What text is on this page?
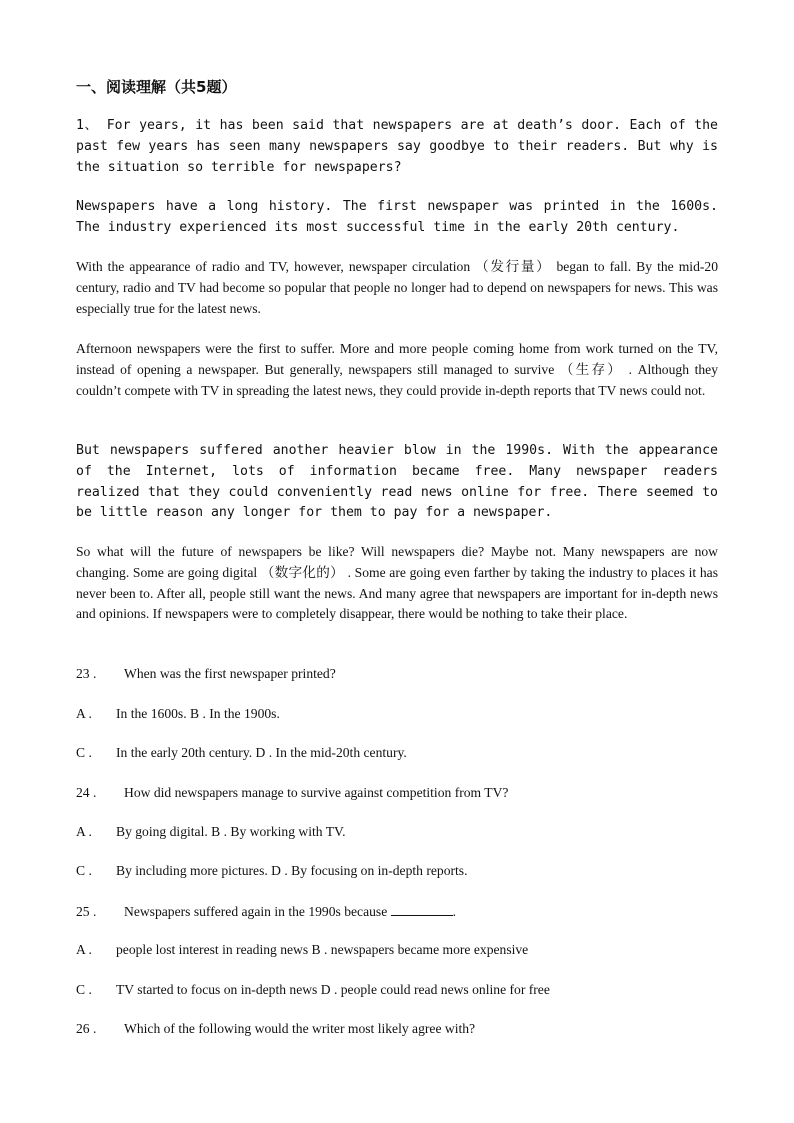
一、阅读理解（共5题）

1、 For years, it has been said that newspapers are at death’s door. Each of the past few years has seen many newspapers say goodbye to their readers. But why is the situation so terrible for newspapers?

Newspapers have a long history. The first newspaper was printed in the 1600s. The industry experienced its most successful time in the early 20th century.

With the appearance of radio and TV, however, newspaper circulation （发行量） began to fall. By the mid-20 century, radio and TV had become so popular that people no longer had to depend on newspapers for news. This was especially true for the latest news.

Afternoon newspapers were the first to suffer. More and more people coming home from work turned on the TV, instead of opening a newspaper. But generally, newspapers still managed to survive （生存） . Although they couldn’t compete with TV in spreading the latest news, they could provide in-depth reports that TV news could not.

But newspapers suffered another heavier blow in the 1990s. With the appearance of the Internet, lots of information became free. Many newspaper readers realized that they could conveniently read news online for free. There seemed to be little reason any longer for them to pay for a newspaper.

So what will the future of newspapers be like? Will newspapers die? Maybe not. Many newspapers are now changing. Some are going digital （数字化的） . Some are going even farther by taking the industry to places it has never been to. After all, people still want the news. And many agree that newspapers are important for in-depth news and opinions. If newspapers were to completely disappear, there would be nothing to take their place.

23 . When was the first newspaper printed?
A . In the 1600s. B . In the 1900s.
C . In the early 20th century. D . In the mid-20th century.
24 . How did newspapers manage to survive against competition from TV?
A . By going digital. B . By working with TV.
C . By including more pictures. D . By focusing on in-depth reports.
25 . Newspapers suffered again in the 1990s because	.
A . people lost interest in reading news B . newspapers became more expensive
C . TV started to focus on in-depth news D . people could read news online for free
26 . Which of the following would the writer most likely agree with?
